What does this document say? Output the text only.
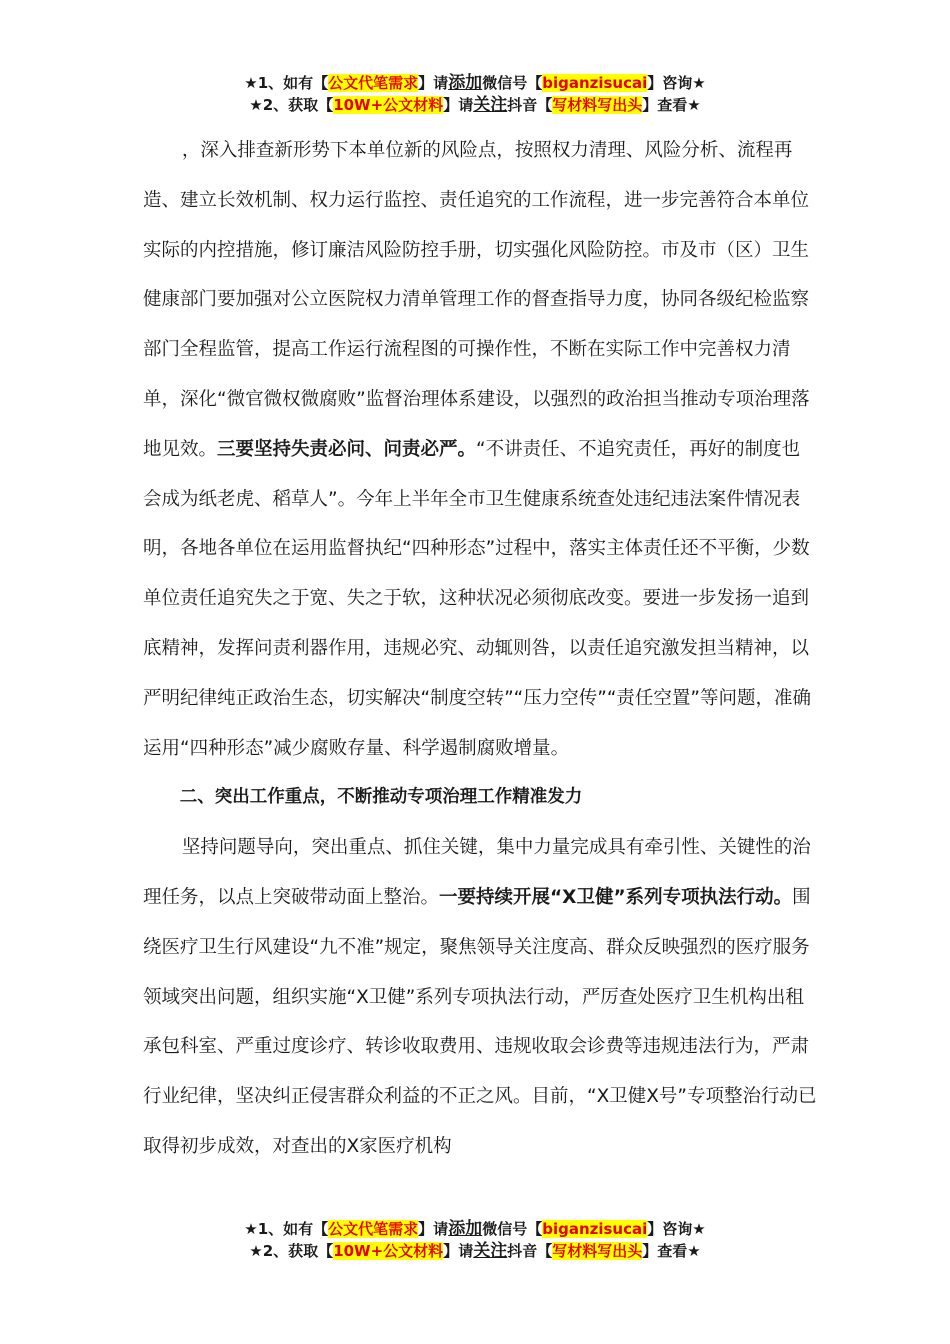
★1、如有【公文代笔需求】请添加微信号【biganzisucai】咨询★
★2、获取【10W+公文材料】请关注抖音【写材料写出头】查看★

，深入排查新形势下本单位新的风险点，按照权力清理、风险分析、流程再造、建立长效机制、权力运行监控、责任追究的工作流程，进一步完善符合本单位实际的内控措施，修订廉洁风险防控手册，切实强化风险防控。市及市（区）卫生健康部门要加强对公立医院权力清单管理工作的督查指导力度，协同各级纪检监察部门全程监管，提高工作运行流程图的可操作性，不断在实际工作中完善权力清单，深化“微官微权微腐败”监督治理体系建设，以强烈的政治担当推动专项治理落地见效。三要坚持失责必问、问责必严。“不讲责任、不追究责任，再好的制度也会成为纸老虎、稻草人”。今年上半年全市卫生健康系统查处违纪违法案件情况表明，各地各单位在运用监督执纪“四种形态”过程中，落实主体责任还不平衡，少数单位责任追究失之于宽、失之于软，这种状况必须彻底改变。要进一步发扬一追到底精神，发挥问责利器作用，违规必究、动辄则咎，以责任追究激发担当精神，以严明纪律纯正政治生态，切实解决“制度空转”“压力空传”“责任空置”等问题，准确运用“四种形态”减少腐败存量、科学遏制腐败增量。

二、突出工作重点，不断推动专项治理工作精准发力

坚持问题导向，突出重点、抓住关键，集中力量完成具有牵引性、关键性的治理任务，以点上突破带动面上整治。一要持续开展“X卫健”系列专项执法行动。围绕医疗卫生行风建设“九不准”规定，聚焦领导关注度高、群众反映强烈的医疗服务领域突出问题，组织实施“X卫健”系列专项执法行动，严厉查处医疗卫生机构出租承包科室、严重过度诊疗、转诊收取费用、违规收取会诊费等违规违法行为，严肃行业纪律，坚决纠正侵害群众利益的不正之风。目前，“X卫健X号”专项整治行动已取得初步成效，对查出的X家医疗机构

★1、如有【公文代笔需求】请添加微信号【biganzisucai】咨询★
★2、获取【10W+公文材料】请关注抖音【写材料写出头】查看★
